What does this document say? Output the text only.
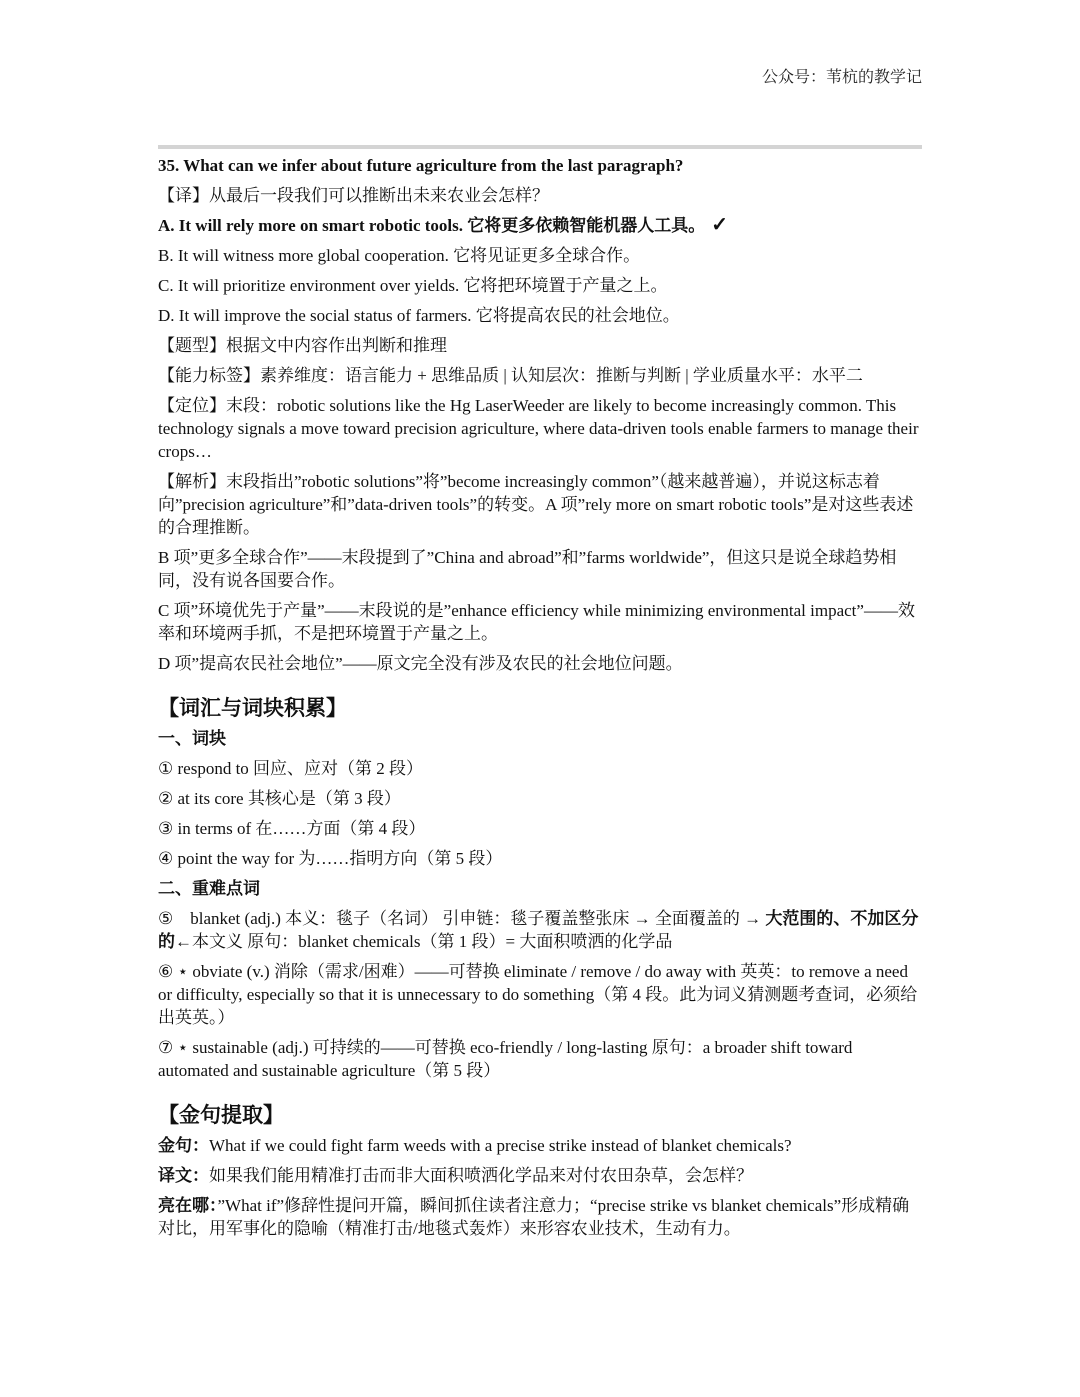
公众号：苇杭的教学记

35. What can we infer about future agriculture from the last paragraph?

【译】从最后一段我们可以推断出未来农业会怎样？

A. It will rely more on smart robotic tools. 它将更多依赖智能机器人工具。 ✓

B. It will witness more global cooperation. 它将见证更多全球合作。

C. It will prioritize environment over yields. 它将把环境置于产量之上。

D. It will improve the social status of farmers. 它将提高农民的社会地位。

【题型】根据文中内容作出判断和推理

【能力标签】素养维度：语言能力 + 思维品质 | 认知层次：推断与判断 | 学业质量水平：水平二

【定位】末段：robotic solutions like the Hg LaserWeeder are likely to become increasingly common. This technology signals a move toward precision agriculture, where data-driven tools enable farmers to manage their crops…

【解析】末段指出”robotic solutions”将”become increasingly common”（越来越普遍），并说这标志着向”precision agriculture”和”data-driven tools”的转变。A 项”rely more on smart robotic tools”是对这些表述的合理推断。

B 项”更多全球合作”——末段提到了”China and abroad”和”farms worldwide”，但这只是说全球趋势相同，没有说各国要合作。

C 项”环境优先于产量”——末段说的是”enhance efficiency while minimizing environmental impact”——效率和环境两手抓，不是把环境置于产量之上。

D 项”提高农民社会地位”——原文完全没有涉及农民的社会地位问题。

【词汇与词块积累】

一、词块

① respond to 回应、应对（第 2 段）

② at its core 其核心是（第 3 段）

③ in terms of 在……方面（第 4 段）

④ point the way for 为……指明方向（第 5 段）

二、重难点词

⑤　blanket (adj.) 本义：毯子（名词） 引申链：毯子覆盖整张床 → 全面覆盖的 → 大范围的、不加区分的←本文义 原句：blanket chemicals（第 1 段）= 大面积喷洒的化学品

⑥ ⋆ obviate (v.) 消除（需求/困难）——可替换 eliminate / remove / do away with 英英：to remove a need or difficulty, especially so that it is unnecessary to do something（第 4 段。此为词义猜测题考查词，必须给出英英。）

⑦ ⋆ sustainable (adj.) 可持续的——可替换 eco-friendly / long-lasting 原句：a broader shift toward automated and sustainable agriculture（第 5 段）

【金句提取】

金句：What if we could fight farm weeds with a precise strike instead of blanket chemicals?

译文：如果我们能用精准打击而非大面积喷洒化学品来对付农田杂草，会怎样？

亮在哪：”What if”修辞性提问开篇，瞬间抓住读者注意力；“precise strike vs blanket chemicals”形成精确对比，用军事化的隐喻（精准打击/地毯式轰炸）来形容农业技术，生动有力。
